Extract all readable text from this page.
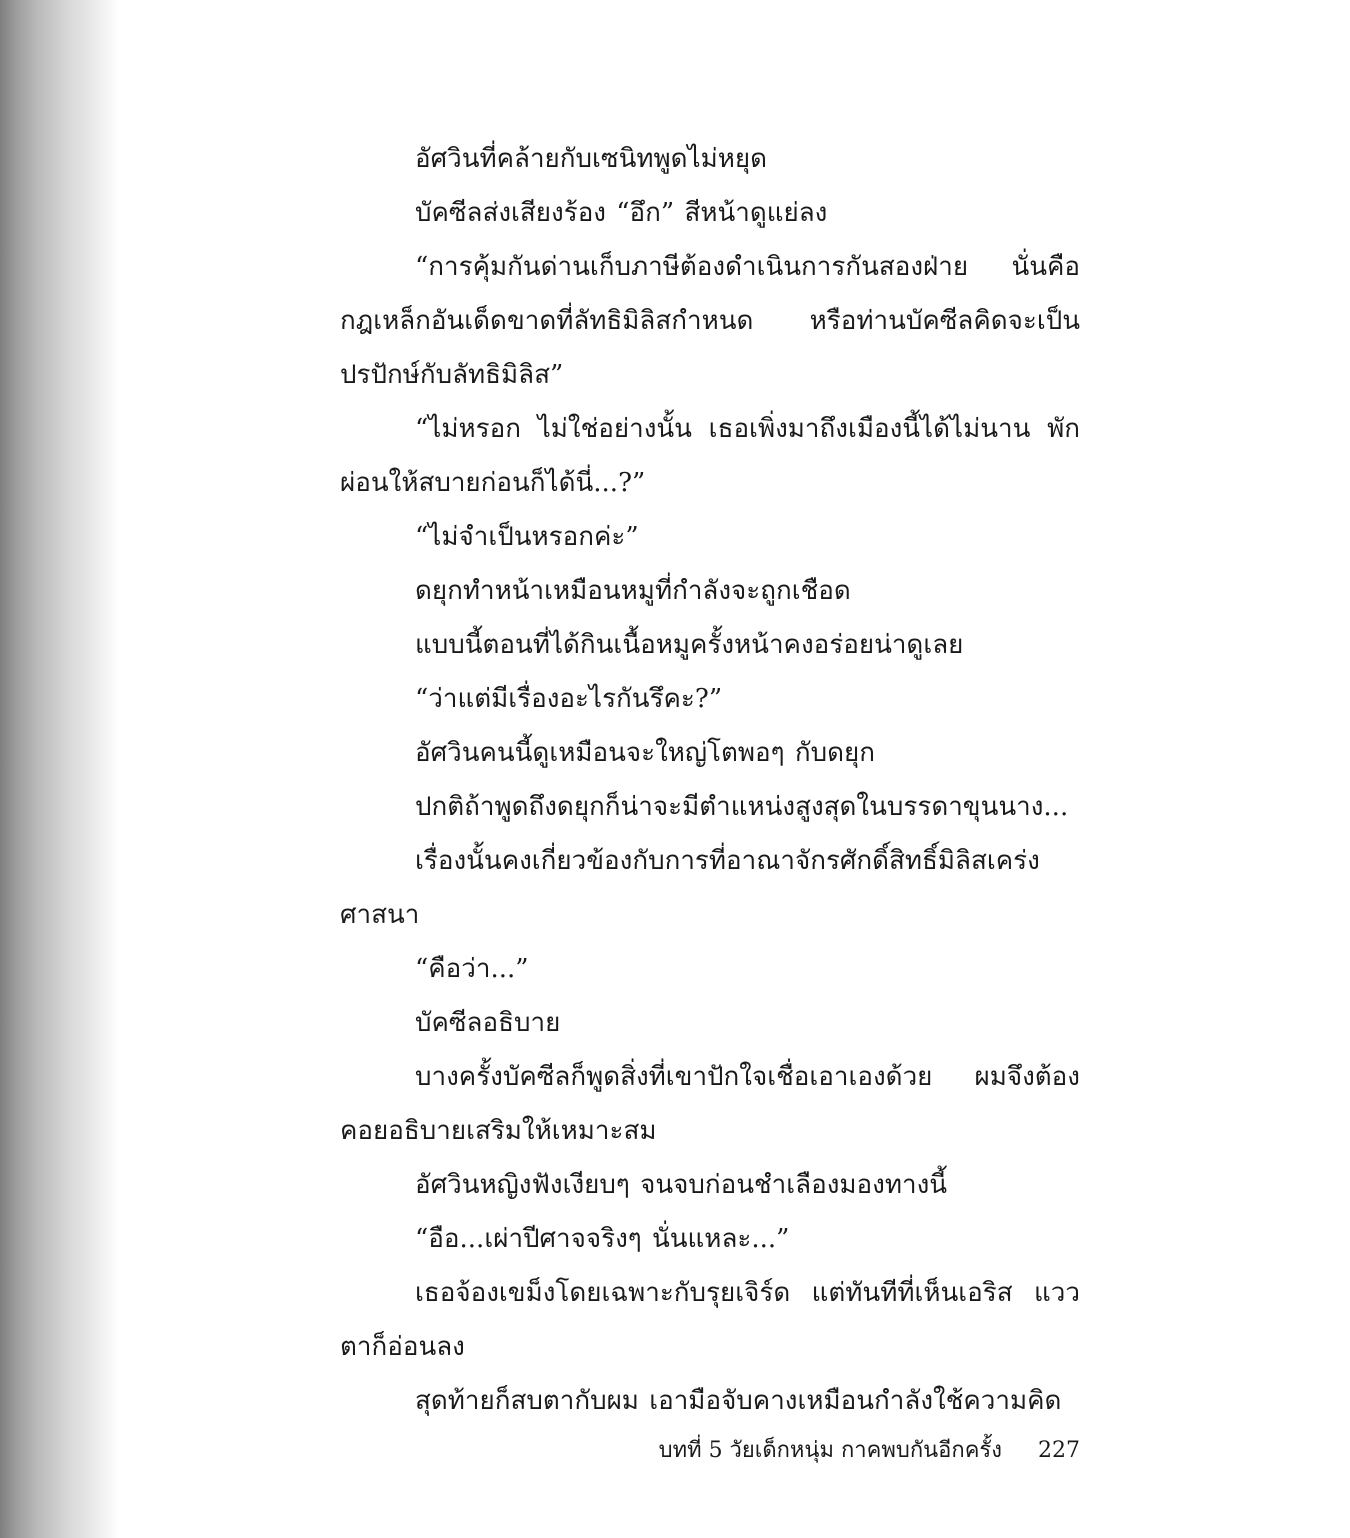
อัศวินที่คล้ายกับเซนิทพูดไม่หยุด

บัคซีลส่งเสียงร้อง “อึก” สีหน้าดูแย่ลง

“การคุ้มกันด่านเก็บภาษีต้องดำเนินการกันสองฝ่าย นั่นคือกฎเหล็กอันเด็ดขาดที่ลัทธิมิลิสกำหนด หรือท่านบัคซีลคิดจะเป็นปรปักษ์กับลัทธิมิลิส”

“ไม่หรอก ไม่ใช่อย่างนั้น เธอเพิ่งมาถึงเมืองนี้ได้ไม่นาน พักผ่อนให้สบายก่อนก็ได้นี่...?”

“ไม่จำเป็นหรอกค่ะ”

ดยุกทำหน้าเหมือนหมูที่กำลังจะถูกเชือด

แบบนี้ตอนที่ได้กินเนื้อหมูครั้งหน้าคงอร่อยน่าดูเลย

“ว่าแต่มีเรื่องอะไรกันรึคะ?”

อัศวินคนนี้ดูเหมือนจะใหญ่โตพอๆ กับดยุก

ปกติถ้าพูดถึงดยุกก็น่าจะมีตำแหน่งสูงสุดในบรรดาขุนนาง...

เรื่องนั้นคงเกี่ยวข้องกับการที่อาณาจักรศักดิ์สิทธิ์มิลิสเคร่งศาสนา

“คือว่า...”

บัคซีลอธิบาย

บางครั้งบัคซีลก็พูดสิ่งที่เขาปักใจเชื่อเอาเองด้วย ผมจึงต้องคอยอธิบายเสริมให้เหมาะสม

อัศวินหญิงฟังเงียบๆ จนจบก่อนชำเลืองมองทางนี้

“อือ...เผ่าปีศาจจริงๆ นั่นแหละ...”

เธอจ้องเขม็งโดยเฉพาะกับรุยเจิร์ด แต่ทันทีที่เห็นเอริส แววตาก็อ่อนลง

สุดท้ายก็สบตากับผม เอามือจับคางเหมือนกำลังใช้ความคิด

บทที่ 5 วัยเด็กหนุ่ม กาคพบกันอีกครั้ง 227
